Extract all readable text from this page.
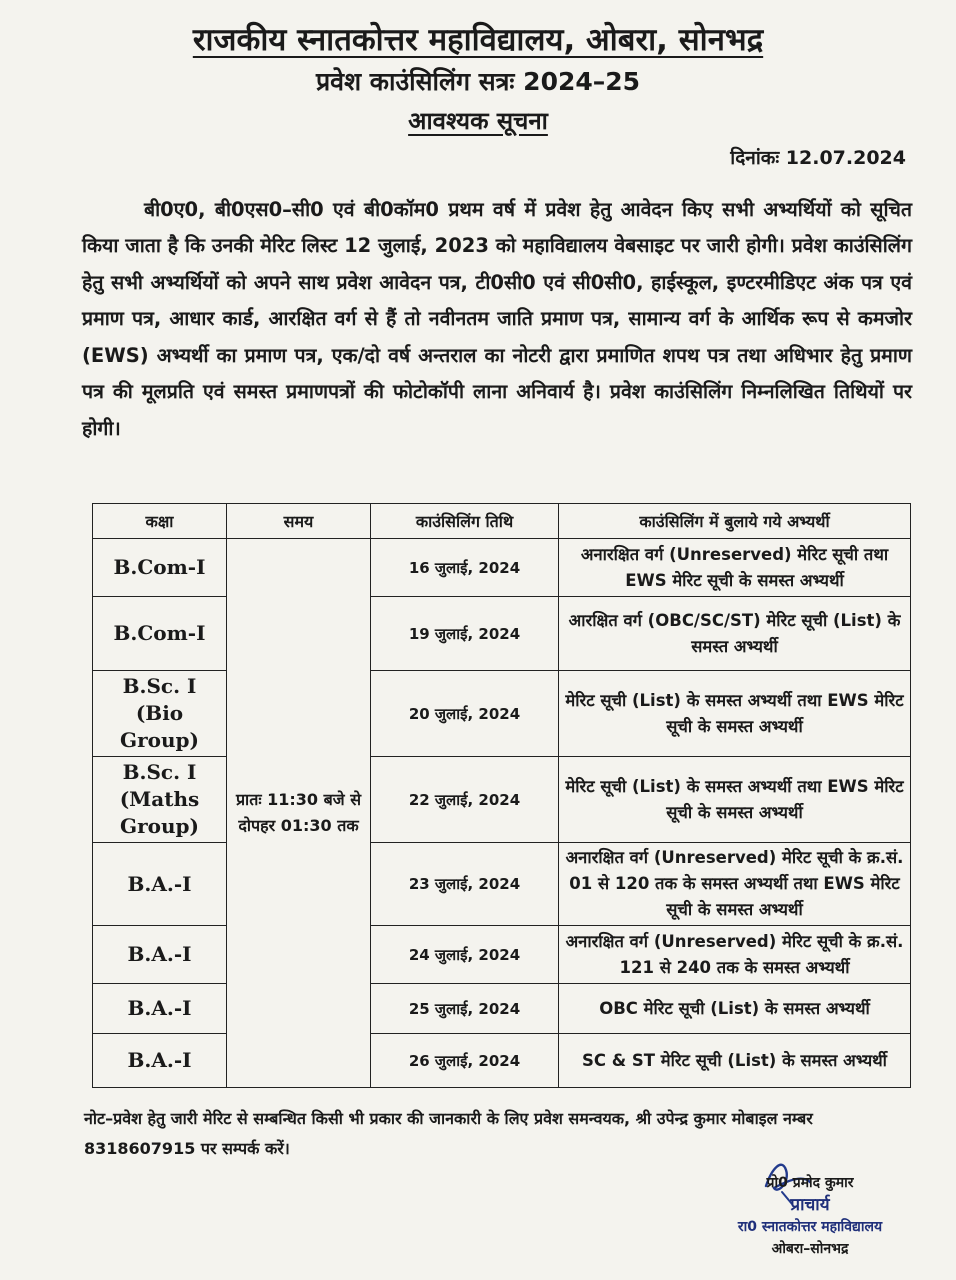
राजकीय स्नातकोत्तर महाविद्यालय, ओबरा, सोनभद्र
प्रवेश काउंसिलिंग सत्रः 2024–25
आवश्यक सूचना
दिनांकः 12.07.2024

बी0ए0, बी0एस0–सी0 एवं बी0कॉम0 प्रथम वर्ष में प्रवेश हेतु आवेदन किए सभी अभ्यर्थियों को सूचित किया जाता है कि उनकी मेरिट लिस्ट 12 जुलाई, 2023 को महाविद्यालय वेबसाइट पर जारी होगी। प्रवेश काउंसिलिंग हेतु सभी अभ्यर्थियों को अपने साथ प्रवेश आवेदन पत्र, टी0सी0 एवं सी0सी0, हाईस्कूल, इण्टरमीडिएट अंक पत्र एवं प्रमाण पत्र, आधार कार्ड, आरक्षित वर्ग से हैं तो नवीनतम जाति प्रमाण पत्र, सामान्य वर्ग के आर्थिक रूप से कमजोर (EWS) अभ्यर्थी का प्रमाण पत्र, एक/दो वर्ष अन्तराल का नोटरी द्वारा प्रमाणित शपथ पत्र तथा अधिभार हेतु प्रमाण पत्र की मूलप्रति एवं समस्त प्रमाणपत्रों की फोटोकॉपी लाना अनिवार्य है। प्रवेश काउंसिलिंग निम्नलिखित तिथियों पर होगी।

कक्षा	समय	काउंसिलिंग तिथि	काउंसिलिंग में बुलाये गये अभ्यर्थी
B.Com-I	प्रातः 11:30 बजे से दोपहर 01:30 तक	16 जुलाई, 2024	अनारक्षित वर्ग (Unreserved) मेरिट सूची तथा EWS मेरिट सूची के समस्त अभ्यर्थी
B.Com-I		19 जुलाई, 2024	आरक्षित वर्ग (OBC/SC/ST) मेरिट सूची (List) के समस्त अभ्यर्थी
B.Sc. I (Bio Group)		20 जुलाई, 2024	मेरिट सूची (List) के समस्त अभ्यर्थी तथा EWS मेरिट सूची के समस्त अभ्यर्थी
B.Sc. I (Maths Group)		22 जुलाई, 2024	मेरिट सूची (List) के समस्त अभ्यर्थी तथा EWS मेरिट सूची के समस्त अभ्यर्थी
B.A.-I		23 जुलाई, 2024	अनारक्षित वर्ग (Unreserved) मेरिट सूची के क्र.सं. 01 से 120 तक के समस्त अभ्यर्थी तथा EWS मेरिट सूची के समस्त अभ्यर्थी
B.A.-I		24 जुलाई, 2024	अनारक्षित वर्ग (Unreserved) मेरिट सूची के क्र.सं. 121 से 240 तक के समस्त अभ्यर्थी
B.A.-I		25 जुलाई, 2024	OBC मेरिट सूची (List) के समस्त अभ्यर्थी
B.A.-I		26 जुलाई, 2024	SC & ST मेरिट सूची (List) के समस्त अभ्यर्थी

नोट–प्रवेश हेतु जारी मेरिट से सम्बन्धित किसी भी प्रकार की जानकारी के लिए प्रवेश समन्वयक, श्री उपेन्द्र कुमार मोबाइल नम्बर 8318607915 पर सम्पर्क करें।

प्रो0 प्रमोद कुमार
प्राचार्य
रा0 स्नातकोत्तर महाविद्यालय
ओबरा–सोनभद्र
